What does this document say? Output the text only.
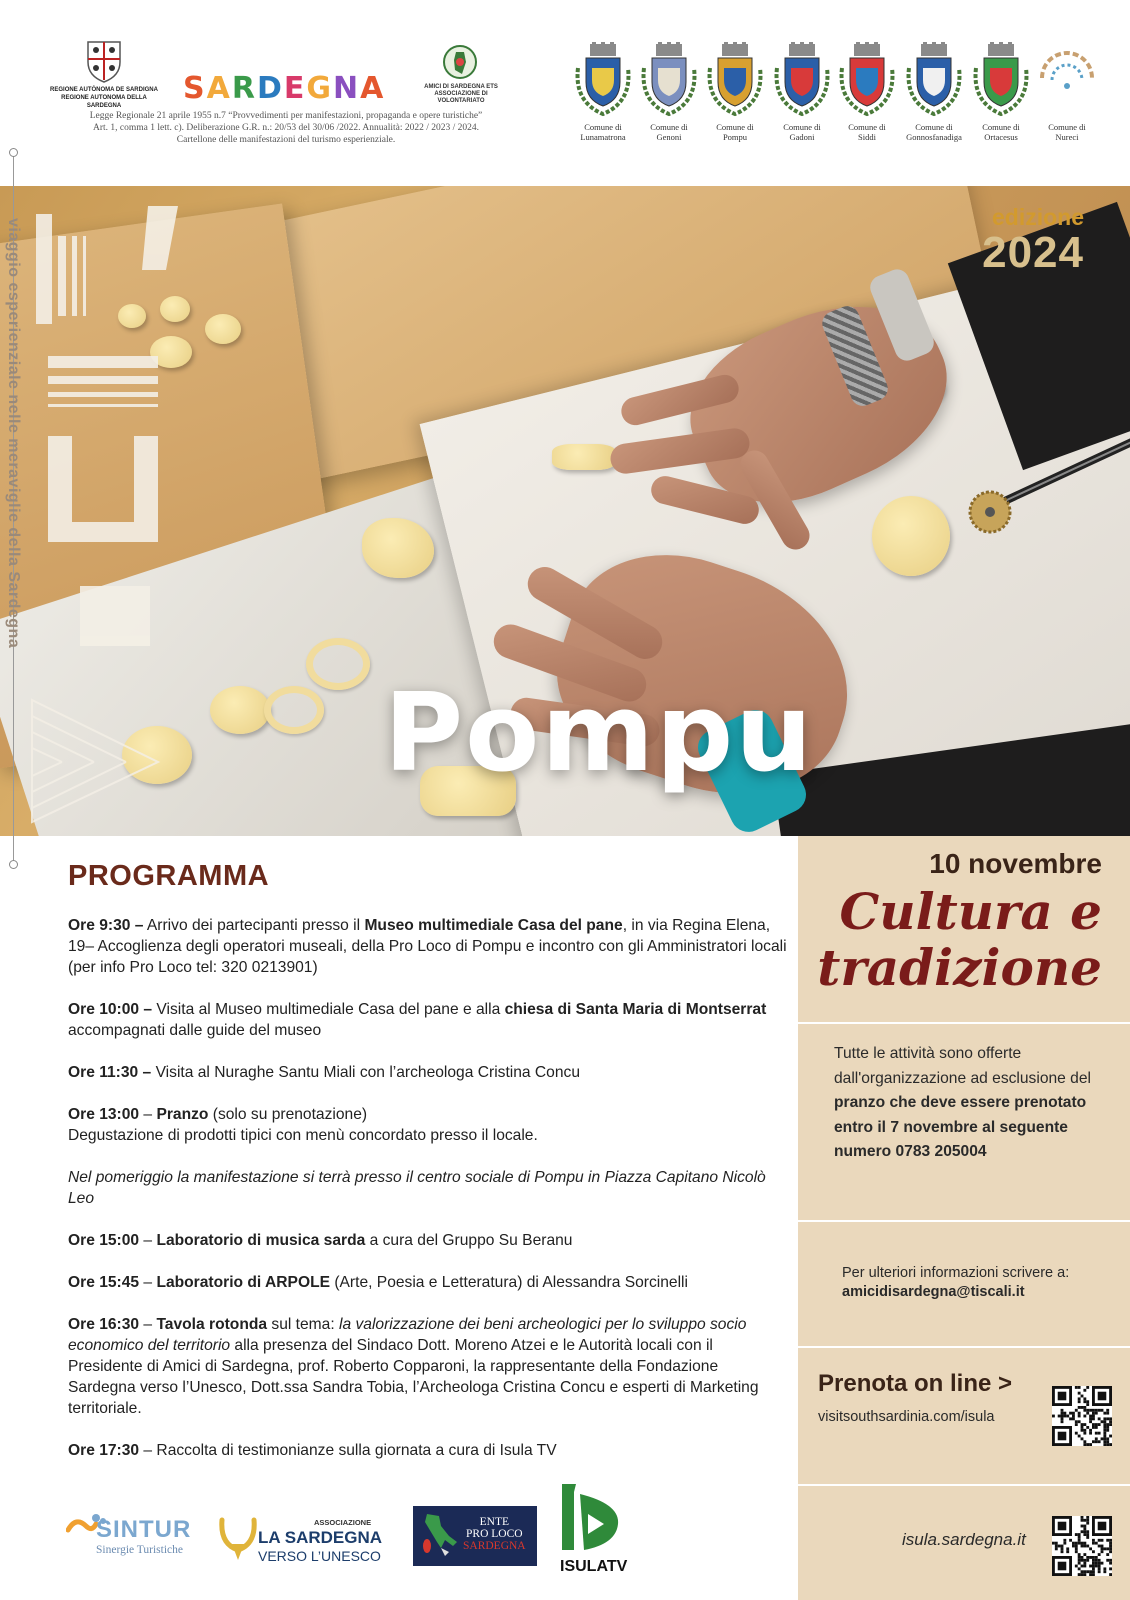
REGIONE AUTÒNOMA DE SARDIGNA
REGIONE AUTONOMA DELLA SARDEGNA	SARDEGNA	AMICI DI SARDEGNA ETS
ASSOCIAZIONE DI VOLONTARIATO
Legge Regionale 21 aprile 1955 n.7 “Provvedimenti per manifestazioni, propaganda e opere turistiche”
Art. 1, comma 1 lett. c). Deliberazione G.R. n.: 20/53 del 30/06 /2022. Annualità: 2022 / 2023 / 2024.
Cartellone delle manifestazioni del turismo esperienziale.
Comune di
Lunamatrona
Comune di
Genoni
Comune di
Pompu
Comune di
Gadoni
Comune di
Siddi
Comune di
Gonnosfanadiga
Comune di
Ortacesus
Comune di
Nureci
edizione
2024
Pompu
viaggio esperienziale nelle meraviglie della Sardegna
PROGRAMMA
Ore 9:30 – Arrivo dei partecipanti presso il Museo multimediale Casa del pane, in via Regina Elena, 19– Accoglienza degli operatori museali, della Pro Loco di Pompu e incontro con gli Amministratori locali (per info Pro Loco tel: 320 0213901)
Ore 10:00 – Visita al Museo multimediale Casa del pane e alla chiesa di Santa Maria di Montserrat accompagnati dalle guide del museo
Ore 11:30 – Visita al Nuraghe Santu Miali con l’archeologa Cristina Concu
Ore 13:00 – Pranzo (solo su prenotazione)
Degustazione di prodotti tipici con menù concordato presso il locale.
Nel pomeriggio la manifestazione si terrà presso il centro sociale di Pompu in Piazza Capitano Nicolò Leo
Ore 15:00 – Laboratorio di musica sarda a cura del Gruppo Su Beranu
Ore 15:45 – Laboratorio di ARPOLE (Arte, Poesia e Letteratura) di Alessandra Sorcinelli
Ore 16:30 – Tavola rotonda sul tema: la valorizzazione dei beni archeologici per lo sviluppo socio economico del territorio alla presenza del Sindaco Dott. Moreno Atzei e le Autorità locali con il Presidente di Amici di Sardegna, prof. Roberto Copparoni, la rappresentante della Fondazione Sardegna verso l’Unesco, Dott.ssa Sandra Tobia, l’Archeologa Cristina Concu e esperti di Marketing territoriale.
Ore 17:30 – Raccolta di testimonianze sulla giornata a cura di Isula TV
10 novembre
Cultura e
tradizione
Tutte le attività sono offerte dall'organizzazione ad esclusione del pranzo che deve essere prenotato entro il 7 novembre al seguente numero 0783 205004
Per ulteriori informazioni scrivere a:
amicidisardegna@tiscali.it
Prenota on line >
visitsouthsardinia.com/isula
isula.sardegna.it
SINTUR
Sinergie Turistiche
ASSOCIAZIONE
LA SARDEGNA
VERSO L’UNESCO
ENTE
PRO LOCO
SARDEGNA
ISULATV
